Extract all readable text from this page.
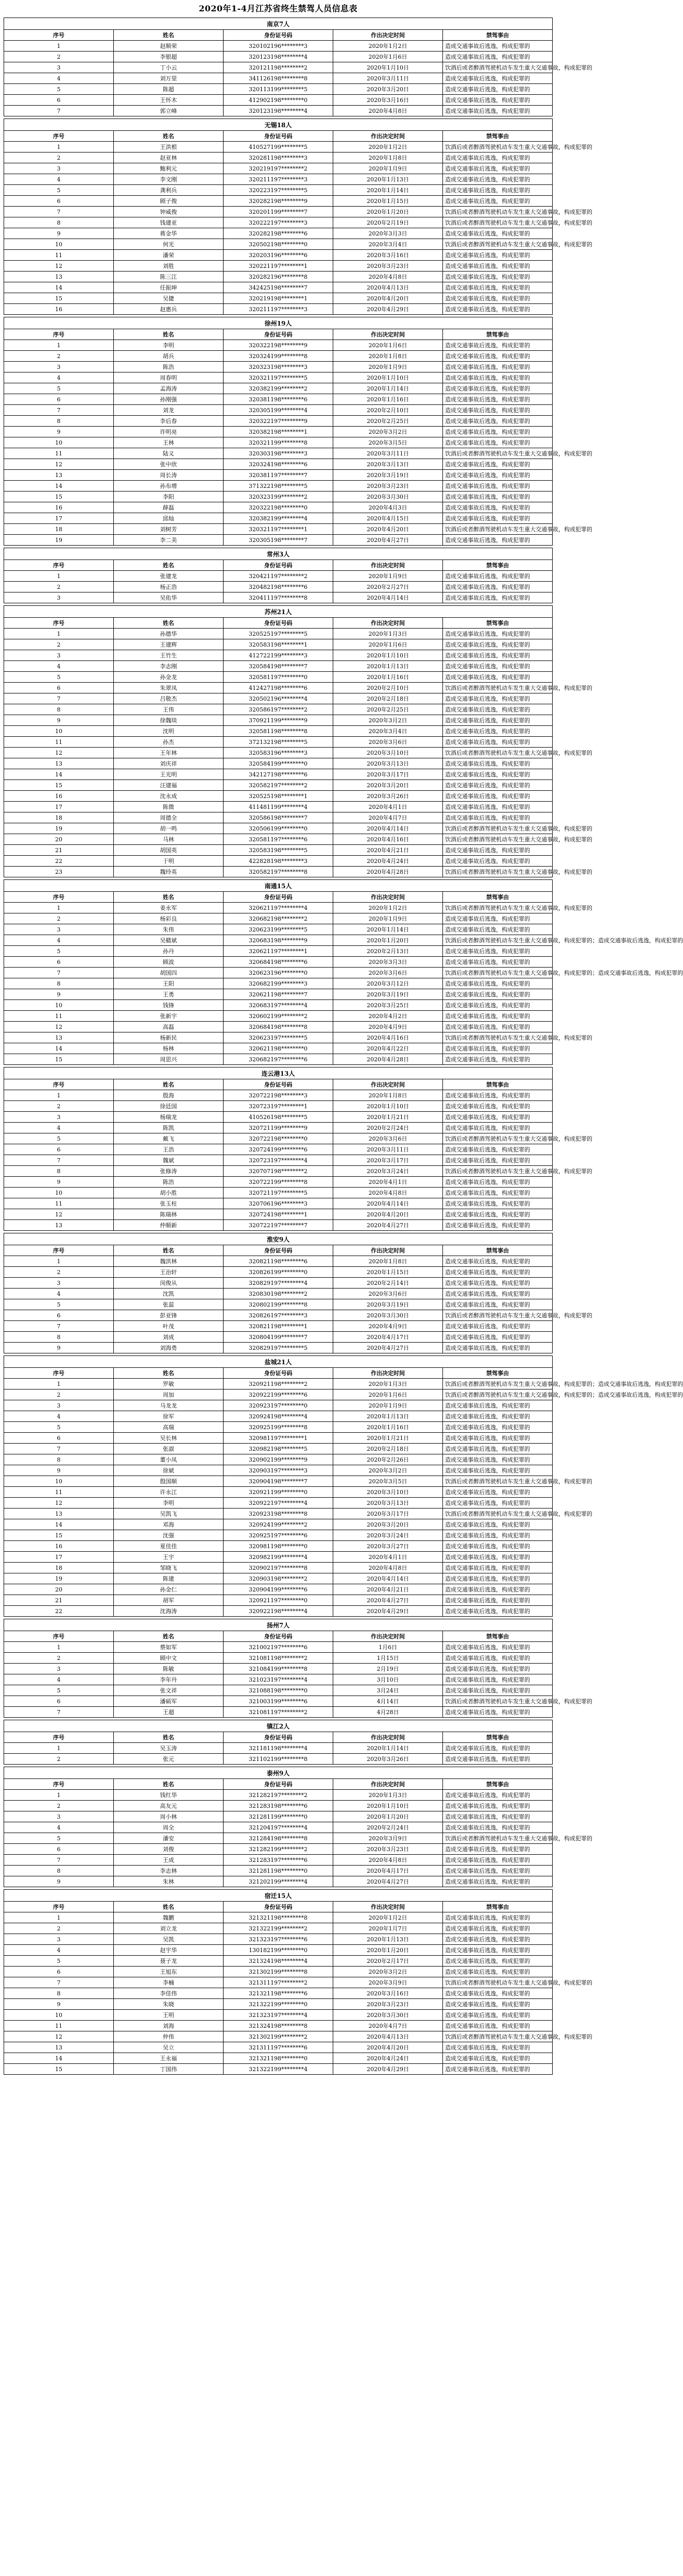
2020年1-4月江苏省终生禁驾人员信息表
南京7人				
序号	姓名	身份证号码	作出决定时间	禁驾事由
1	赵顺荣	320102196********3	2020年1月2日	造成交通事故后逃逸，构成犯罪的
2	李银超	320123198********4	2020年1月6日	造成交通事故后逃逸，构成犯罪的
3	丁小云	320121198********2	2020年1月10日	饮酒后或者醉酒驾驶机动车发生重大交通事故，构成犯罪的
4	刘万里	341126198********8	2020年3月11日	造成交通事故后逃逸，构成犯罪的
5	陈超	320113199********5	2020年3月20日	造成交通事故后逃逸，构成犯罪的
6	王怀木	412902198********0	2020年3月16日	造成交通事故后逃逸，构成犯罪的
7	郭立峰	320123198********4	2020年4月8日	造成交通事故后逃逸，构成犯罪的
无锡18人				
序号	姓名	身份证号码	作出决定时间	禁驾事由
1	王洪根	410527199********5	2020年1月2日	饮酒后或者醉酒驾驶机动车发生重大交通事故，构成犯罪的
2	赵亚林	320281198********3	2020年1月8日	造成交通事故后逃逸，构成犯罪的
3	鲍利元	320219197********2	2020年1月9日	造成交通事故后逃逸，构成犯罪的
4	李文刚	320211197********3	2020年1月13日	造成交通事故后逃逸，构成犯罪的
5	龚利兵	320223197********5	2020年1月14日	造成交通事故后逃逸，构成犯罪的
6	顾子俊	320282198********9	2020年1月15日	造成交通事故后逃逸，构成犯罪的
7	钟威俊	320201199********7	2020年1月20日	饮酒后或者醉酒驾驶机动车发生重大交通事故，构成犯罪的
8	钱建亚	320222197********3	2020年2月19日	饮酒后或者醉酒驾驶机动车发生重大交通事故，构成犯罪的
9	蒋金华	320282198********6	2020年3月3日	造成交通事故后逃逸，构成犯罪的
10	何光	320502198********0	2020年3月4日	饮酒后或者醉酒驾驶机动车发生重大交通事故，构成犯罪的
11	潘荣	320203196********6	2020年3月16日	造成交通事故后逃逸，构成犯罪的
12	刘胜	320221197********1	2020年3月23日	造成交通事故后逃逸，构成犯罪的
13	陈三江	320282196********8	2020年4月8日	造成交通事故后逃逸，构成犯罪的
14	任振坤	342425198********7	2020年4月13日	造成交通事故后逃逸，构成犯罪的
15	吴捷	320219198********1	2020年4月20日	造成交通事故后逃逸，构成犯罪的
16	赵惠兵	320211197********3	2020年4月29日	造成交通事故后逃逸，构成犯罪的
徐州19人				
序号	姓名	身份证号码	作出决定时间	禁驾事由
1	李明	320322198********9	2020年1月6日	造成交通事故后逃逸，构成犯罪的
2	胡兵	320324199********8	2020年1月8日	造成交通事故后逃逸，构成犯罪的
3	陈浩	320323198********3	2020年1月9日	造成交通事故后逃逸，构成犯罪的
4	周春明	320321197********5	2020年1月10日	造成交通事故后逃逸，构成犯罪的
5	孟海涛	320382199********2	2020年1月14日	造成交通事故后逃逸，构成犯罪的
6	孙刚强	320381198********6	2020年1月16日	造成交通事故后逃逸，构成犯罪的
7	刘龙	320305199********4	2020年2月10日	造成交通事故后逃逸，构成犯罪的
8	李后春	320322197********9	2020年2月25日	造成交通事故后逃逸，构成犯罪的
9	许明亮	320382198********1	2020年3月2日	造成交通事故后逃逸，构成犯罪的
10	王林	320321199********8	2020年3月5日	造成交通事故后逃逸，构成犯罪的
11	陆义	320303198********3	2020年3月11日	饮酒后或者醉酒驾驶机动车发生重大交通事故，构成犯罪的
12	张中欣	320324198********6	2020年3月13日	造成交通事故后逃逸，构成犯罪的
13	周长涛	320381197********7	2020年3月19日	造成交通事故后逃逸，构成犯罪的
14	孙布增	371322198********5	2020年3月23日	造成交通事故后逃逸，构成犯罪的
15	李阳	320323199********2	2020年3月30日	造成交通事故后逃逸，构成犯罪的
16	薛磊	320322198********0	2020年4月3日	造成交通事故后逃逸，构成犯罪的
17	邱灿	320382199********4	2020年4月15日	造成交通事故后逃逸，构成犯罪的
18	刘树芳	320321197********1	2020年4月20日	饮酒后或者醉酒驾驶机动车发生重大交通事故，构成犯罪的
19	李二美	320305198********7	2020年4月27日	造成交通事故后逃逸，构成犯罪的
常州3人				
序号	姓名	身份证号码	作出决定时间	禁驾事由
1	张建龙	320421197********2	2020年1月9日	造成交通事故后逃逸，构成犯罪的
2	杨正浩	320482198********6	2020年2月27日	造成交通事故后逃逸，构成犯罪的
3	吴佑华	320411197********8	2020年4月14日	造成交通事故后逃逸，构成犯罪的
苏州21人				
序号	姓名	身份证号码	作出决定时间	禁驾事由
1	孙德华	320525197********5	2020年1月3日	造成交通事故后逃逸，构成犯罪的
2	王建辉	320583198********1	2020年1月6日	造成交通事故后逃逸，构成犯罪的
3	王竹生	412722199********3	2020年1月10日	造成交通事故后逃逸，构成犯罪的
4	李志刚	320584198********7	2020年1月13日	造成交通事故后逃逸，构成犯罪的
5	孙金龙	320581197********0	2020年1月16日	造成交通事故后逃逸，构成犯罪的
6	朱翠凤	412427198********6	2020年2月10日	饮酒后或者醉酒驾驶机动车发生重大交通事故，构成犯罪的
7	吕敬杰	320502196********4	2020年2月18日	造成交通事故后逃逸，构成犯罪的
8	王伟	320586197********2	2020年2月25日	造成交通事故后逃逸，构成犯罪的
9	徐魏琰	370921199********9	2020年3月2日	造成交通事故后逃逸，构成犯罪的
10	沈明	320581198********8	2020年3月4日	造成交通事故后逃逸，构成犯罪的
11	孙杰	372132198********5	2020年3月6日	造成交通事故后逃逸，构成犯罪的
12	王年林	320583196********3	2020年3月10日	饮酒后或者醉酒驾驶机动车发生重大交通事故，构成犯罪的
13	刘庆祥	320584199********0	2020年3月13日	造成交通事故后逃逸，构成犯罪的
14	王光明	342127198********6	2020年3月17日	造成交通事故后逃逸，构成犯罪的
15	汪建福	320582197********2	2020年3月20日	造成交通事故后逃逸，构成犯罪的
16	沈永成	320525198********1	2020年3月26日	造成交通事故后逃逸，构成犯罪的
17	陈微	411481199********4	2020年4月1日	造成交通事故后逃逸，构成犯罪的
18	周德全	320586198********7	2020年4月7日	造成交通事故后逃逸，构成犯罪的
19	胡一鸣	320506199********0	2020年4月14日	饮酒后或者醉酒驾驶机动车发生重大交通事故，构成犯罪的
20	马林	320581197********6	2020年4月16日	饮酒后或者醉酒驾驶机动车发生重大交通事故，构成犯罪的
21	胡国英	320583198********5	2020年4月21日	造成交通事故后逃逸，构成犯罪的
22	于明	422828198********3	2020年4月24日	造成交通事故后逃逸，构成犯罪的
23	魏玲英	320582197********8	2020年4月28日	饮酒后或者醉酒驾驶机动车发生重大交通事故，构成犯罪的
南通15人				
序号	姓名	身份证号码	作出决定时间	禁驾事由
1	姜永军	320621197********4	2020年1月2日	饮酒后或者醉酒驾驶机动车发生重大交通事故，构成犯罪的
2	杨彩良	320682198********2	2020年1月9日	造成交通事故后逃逸，构成犯罪的
3	朱伟	320623199********5	2020年1月14日	造成交通事故后逃逸，构成犯罪的
4	吴赣斌	320683198********9	2020年1月20日	饮酒后或者醉酒驾驶机动车发生重大交通事故，构成犯罪的；造成交通事故后逃逸，构成犯罪的
5	孙丹	320621197********1	2020年2月13日	造成交通事故后逃逸，构成犯罪的
6	顾波	320684198********6	2020年3月3日	造成交通事故后逃逸，构成犯罪的
7	胡国四	320623196********0	2020年3月6日	饮酒后或者醉酒驾驶机动车发生重大交通事故，构成犯罪的；造成交通事故后逃逸，构成犯罪的
8	王阳	320682199********3	2020年3月12日	造成交通事故后逃逸，构成犯罪的
9	王勇	320621198********7	2020年3月19日	造成交通事故后逃逸，构成犯罪的
10	钱锋	320683197********4	2020年3月25日	造成交通事故后逃逸，构成犯罪的
11	张新宇	320602199********2	2020年4月2日	造成交通事故后逃逸，构成犯罪的
12	高磊	320684198********8	2020年4月9日	造成交通事故后逃逸，构成犯罪的
13	杨新民	320623197********5	2020年4月16日	饮酒后或者醉酒驾驶机动车发生重大交通事故，构成犯罪的
14	杨林	320621198********0	2020年4月22日	造成交通事故后逃逸，构成犯罪的
15	周思兴	320682197********6	2020年4月28日	造成交通事故后逃逸，构成犯罪的
连云港13人				
序号	姓名	身份证号码	作出决定时间	禁驾事由
1	殷海	320722198********3	2020年1月8日	造成交通事故后逃逸，构成犯罪的
2	徐廷国	320723197********1	2020年1月10日	造成交通事故后逃逸，构成犯罪的
3	杨瑞龙	410526198********5	2020年1月21日	造成交通事故后逃逸，构成犯罪的
4	陈凯	320721199********9	2020年2月24日	造成交通事故后逃逸，构成犯罪的
5	戴飞	320722198********0	2020年3月6日	饮酒后或者醉酒驾驶机动车发生重大交通事故，构成犯罪的
6	王浩	320724199********6	2020年3月11日	造成交通事故后逃逸，构成犯罪的
7	魏斌	320723197********4	2020年3月17日	造成交通事故后逃逸，构成犯罪的
8	张修涛	320707198********2	2020年3月24日	饮酒后或者醉酒驾驶机动车发生重大交通事故，构成犯罪的
9	陈浩	320722199********8	2020年4月1日	造成交通事故后逃逸，构成犯罪的
10	胡小胜	320721197********5	2020年4月8日	造成交通事故后逃逸，构成犯罪的
11	张玉柱	320706196********3	2020年4月14日	造成交通事故后逃逸，构成犯罪的
12	陈瑞林	320724198********1	2020年4月20日	造成交通事故后逃逸，构成犯罪的
13	仲顺新	320722197********7	2020年4月27日	造成交通事故后逃逸，构成犯罪的
淮安9人				
序号	姓名	身份证号码	作出决定时间	禁驾事由
1	魏洪林	320821198********6	2020年1月8日	造成交通事故后逃逸，构成犯罪的
2	王治轩	320826199********0	2020年1月15日	造成交通事故后逃逸，构成犯罪的
3	闵俊从	320829197********4	2020年2月14日	造成交通事故后逃逸，构成犯罪的
4	沈凯	320830198********2	2020年3月6日	造成交通事故后逃逸，构成犯罪的
5	张蕊	320802199********8	2020年3月19日	造成交通事故后逃逸，构成犯罪的
6	彭亚锋	320826197********3	2020年3月30日	饮酒后或者醉酒驾驶机动车发生重大交通事故，构成犯罪的
7	叶茂	320821198********1	2020年4月9日	造成交通事故后逃逸，构成犯罪的
8	刘成	320804199********7	2020年4月17日	造成交通事故后逃逸，构成犯罪的
9	刘海勇	320829197********5	2020年4月27日	造成交通事故后逃逸，构成犯罪的
盐城21人				
序号	姓名	身份证号码	作出决定时间	禁驾事由
1	罗敏	320921198********2	2020年1月3日	饮酒后或者醉酒驾驶机动车发生重大交通事故，构成犯罪的；造成交通事故后逃逸，构成犯罪的
2	周加	320922199********6	2020年1月6日	饮酒后或者醉酒驾驶机动车发生重大交通事故，构成犯罪的；造成交通事故后逃逸，构成犯罪的
3	马龙龙	320923197********0	2020年1月9日	造成交通事故后逃逸，构成犯罪的
4	徐军	320924198********4	2020年1月13日	造成交通事故后逃逸，构成犯罪的
5	高瑞	320925199********8	2020年1月16日	造成交通事故后逃逸，构成犯罪的
6	吴长林	320981197********1	2020年1月21日	造成交通事故后逃逸，构成犯罪的
7	张淑	320982198********5	2020年2月18日	造成交通事故后逃逸，构成犯罪的
8	董小凤	320902199********9	2020年2月26日	造成交通事故后逃逸，构成犯罪的
9	徐斌	320903197********3	2020年3月2日	造成交通事故后逃逸，构成犯罪的
10	殷国顺	320904198********7	2020年3月5日	饮酒后或者醉酒驾驶机动车发生重大交通事故，构成犯罪的
11	许永江	320921199********0	2020年3月10日	造成交通事故后逃逸，构成犯罪的
12	李明	320922197********4	2020年3月13日	造成交通事故后逃逸，构成犯罪的
13	吴凯飞	320923198********8	2020年3月17日	饮酒后或者醉酒驾驶机动车发生重大交通事故，构成犯罪的
14	邓海	320924199********2	2020年3月20日	造成交通事故后逃逸，构成犯罪的
15	沈强	320925197********6	2020年3月24日	造成交通事故后逃逸，构成犯罪的
16	夏佳佳	320981198********0	2020年3月27日	造成交通事故后逃逸，构成犯罪的
17	王宇	320982199********4	2020年4月1日	造成交通事故后逃逸，构成犯罪的
18	邹晓飞	320902197********8	2020年4月8日	造成交通事故后逃逸，构成犯罪的
19	陈建	320903198********2	2020年4月14日	造成交通事故后逃逸，构成犯罪的
20	孙金仁	320904199********6	2020年4月21日	造成交通事故后逃逸，构成犯罪的
21	胡军	320921197********0	2020年4月27日	造成交通事故后逃逸，构成犯罪的
22	沈海涛	320922198********4	2020年4月29日	造成交通事故后逃逸，构成犯罪的
扬州7人				
序号	姓名	身份证号码	作出决定时间	禁驾事由
1	蔡如军	321002197********6	1月6日	造成交通事故后逃逸，构成犯罪的
2	顾中文	321081198********2	1月15日	造成交通事故后逃逸，构成犯罪的
3	陈敏	321084199********8	2月19日	造成交通事故后逃逸，构成犯罪的
4	李年丹	321023197********4	3月10日	造成交通事故后逃逸，构成犯罪的
5	张文祥	321088198********0	3月24日	造成交通事故后逃逸，构成犯罪的
6	潘硕军	321003199********6	4月14日	饮酒后或者醉酒驾驶机动车发生重大交通事故，构成犯罪的
7	王超	321081197********2	4月28日	造成交通事故后逃逸，构成犯罪的
镇江2人				
序号	姓名	身份证号码	作出决定时间	禁驾事由
1	吴玉涛	321181198********4	2020年1月14日	造成交通事故后逃逸，构成犯罪的
2	张元	321102199********8	2020年3月26日	造成交通事故后逃逸，构成犯罪的
泰州9人				
序号	姓名	身份证号码	作出决定时间	禁驾事由
1	钱红华	321282197********2	2020年1月3日	造成交通事故后逃逸，构成犯罪的
2	高友元	321283198********6	2020年1月10日	造成交通事故后逃逸，构成犯罪的
3	周小林	321281199********0	2020年1月20日	造成交通事故后逃逸，构成犯罪的
4	周全	321204197********4	2020年2月24日	造成交通事故后逃逸，构成犯罪的
5	潘安	321284198********8	2020年3月9日	饮酒后或者醉酒驾驶机动车发生重大交通事故，构成犯罪的
6	刘俊	321282199********2	2020年3月23日	造成交通事故后逃逸，构成犯罪的
7	王成	321283197********6	2020年4月8日	造成交通事故后逃逸，构成犯罪的
8	李志林	321281198********0	2020年4月17日	造成交通事故后逃逸，构成犯罪的
9	朱林	321202199********4	2020年4月27日	造成交通事故后逃逸，构成犯罪的
宿迁15人				
序号	姓名	身份证号码	作出决定时间	禁驾事由
1	魏鹏	321321198********8	2020年1月2日	造成交通事故后逃逸，构成犯罪的
2	刘立龙	321322199********2	2020年1月7日	造成交通事故后逃逸，构成犯罪的
3	吴凯	321323197********6	2020年1月13日	造成交通事故后逃逸，构成犯罪的
4	赵宇华	130182199********0	2020年1月20日	造成交通事故后逃逸，构成犯罪的
5	聂子龙	321324198********4	2020年2月17日	造成交通事故后逃逸，构成犯罪的
6	王旭东	321302199********8	2020年3月2日	造成交通事故后逃逸，构成犯罪的
7	李楠	321311197********2	2020年3月9日	饮酒后或者醉酒驾驶机动车发生重大交通事故，构成犯罪的
8	李佳伟	321321198********6	2020年3月16日	造成交通事故后逃逸，构成犯罪的
9	朱晓	321322199********0	2020年3月23日	造成交通事故后逃逸，构成犯罪的
10	王明	321323197********4	2020年3月30日	造成交通事故后逃逸，构成犯罪的
11	刘海	321324198********8	2020年4月7日	造成交通事故后逃逸，构成犯罪的
12	仲伟	321302199********2	2020年4月13日	饮酒后或者醉酒驾驶机动车发生重大交通事故，构成犯罪的
13	吴立	321311197********6	2020年4月20日	造成交通事故后逃逸，构成犯罪的
14	王永福	321321198********0	2020年4月24日	造成交通事故后逃逸，构成犯罪的
15	丁国伟	321322199********4	2020年4月29日	造成交通事故后逃逸，构成犯罪的
